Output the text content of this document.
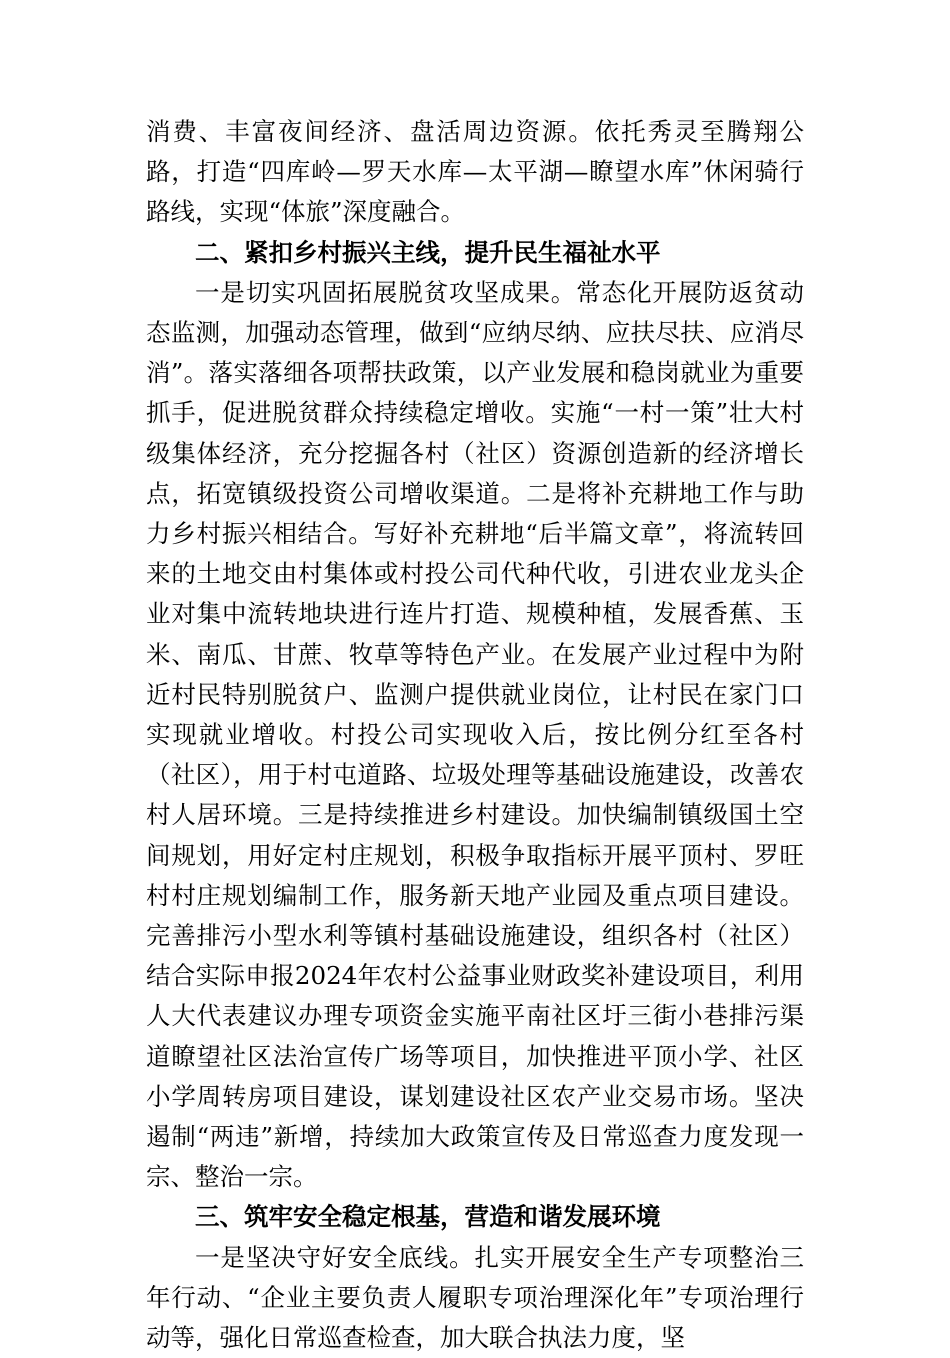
消费、丰富夜间经济、盘活周边资源。依托秀灵至腾翔公路，打造“四库岭—罗天水库—太平湖—瞭望水库”休闲骑行路线，实现“体旅”深度融合。

二、紧扣乡村振兴主线，提升民生福祉水平

一是切实巩固拓展脱贫攻坚成果。常态化开展防返贫动态监测，加强动态管理，做到“应纳尽纳、应扶尽扶、应消尽消”。落实落细各项帮扶政策，以产业发展和稳岗就业为重要抓手，促进脱贫群众持续稳定增收。实施“一村一策”壮大村级集体经济，充分挖掘各村（社区）资源创造新的经济增长点，拓宽镇级投资公司增收渠道。二是将补充耕地工作与助力乡村振兴相结合。写好补充耕地“后半篇文章”，将流转回来的土地交由村集体或村投公司代种代收，引进农业龙头企业对集中流转地块进行连片打造、规模种植，发展香蕉、玉米、南瓜、甘蔗、牧草等特色产业。在发展产业过程中为附近村民特别脱贫户、监测户提供就业岗位，让村民在家门口实现就业增收。村投公司实现收入后，按比例分红至各村（社区），用于村屯道路、垃圾处理等基础设施建设，改善农村人居环境。三是持续推进乡村建设。加快编制镇级国土空间规划，用好定村庄规划，积极争取指标开展平顶村、罗旺村村庄规划编制工作，服务新天地产业园及重点项目建设。完善排污小型水利等镇村基础设施建设，组织各村（社区）结合实际申报2024年农村公益事业财政奖补建设项目，利用人大代表建议办理专项资金实施平南社区圩三街小巷排污渠道瞭望社区法治宣传广场等项目，加快推进平顶小学、社区小学周转房项目建设，谋划建设社区农产业交易市场。坚决遏制“两违”新增，持续加大政策宣传及日常巡查力度发现一宗、整治一宗。

三、筑牢安全稳定根基，营造和谐发展环境

一是坚决守好安全底线。扎实开展安全生产专项整治三年行动、“企业主要负责人履职专项治理深化年”专项治理行动等，强化日常巡查检查，加大联合执法力度，坚
